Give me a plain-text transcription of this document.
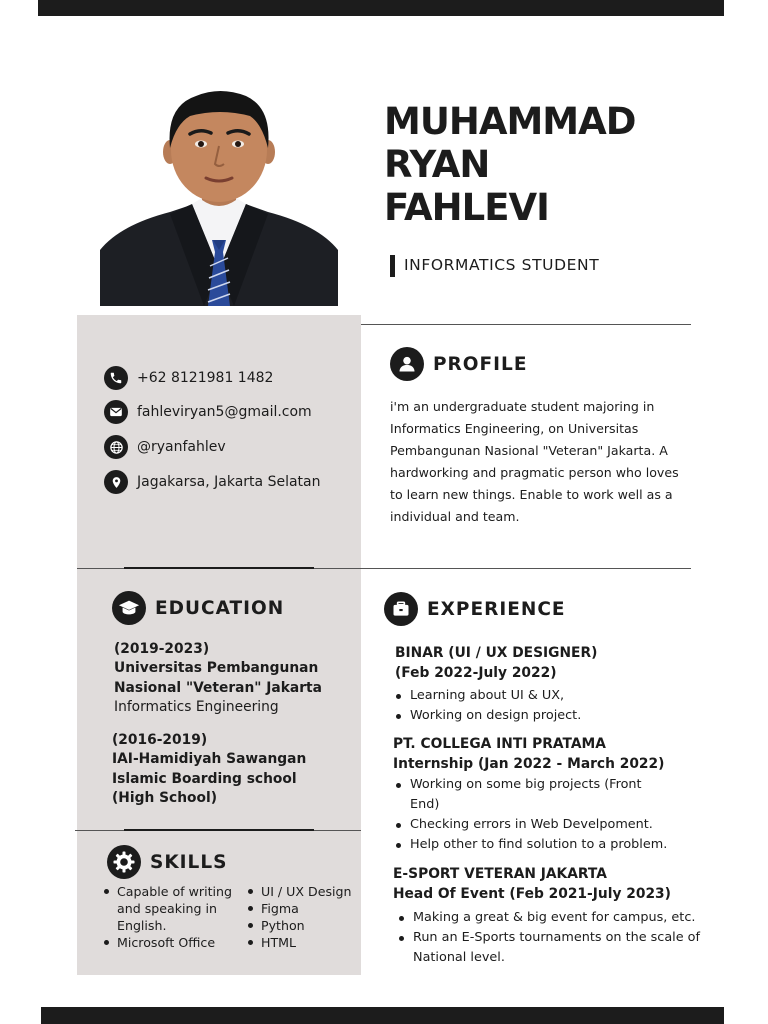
MUHAMMAD
RYAN
FAHLEVI
INFORMATICS STUDENT
+62 8121981 1482
fahleviryan5@gmail.com
@ryanfahlev
Jagakarsa, Jakarta Selatan
PROFILE
i'm an undergraduate student majoring in Informatics Engineering, on Universitas Pembangunan Nasional "Veteran" Jakarta. A hardworking and pragmatic person who loves to learn new things. Enable to work well as a individual and team.
EDUCATION
(2019-2023)
Universitas Pembangunan
Nasional "Veteran" Jakarta
Informatics Engineering
(2016-2019)
IAI-Hamidiyah Sawangan
Islamic Boarding school
(High School)
EXPERIENCE
BINAR (UI / UX DESIGNER)
(Feb 2022-July 2022)
Learning about UI & UX,
Working on design project.
PT. COLLEGA INTI PRATAMA
Internship (Jan 2022 - March 2022)
Working on some big projects (Front End)
Checking errors in Web Develpoment.
Help other to find solution to a problem.
E-SPORT VETERAN JAKARTA
Head Of Event (Feb 2021-July 2023)
Making a great & big event for campus, etc.
Run an E-Sports tournaments on the scale of National level.
SKILLS
Capable of writing and speaking in English.
Microsoft Office
UI / UX Design
Figma
Python
HTML
